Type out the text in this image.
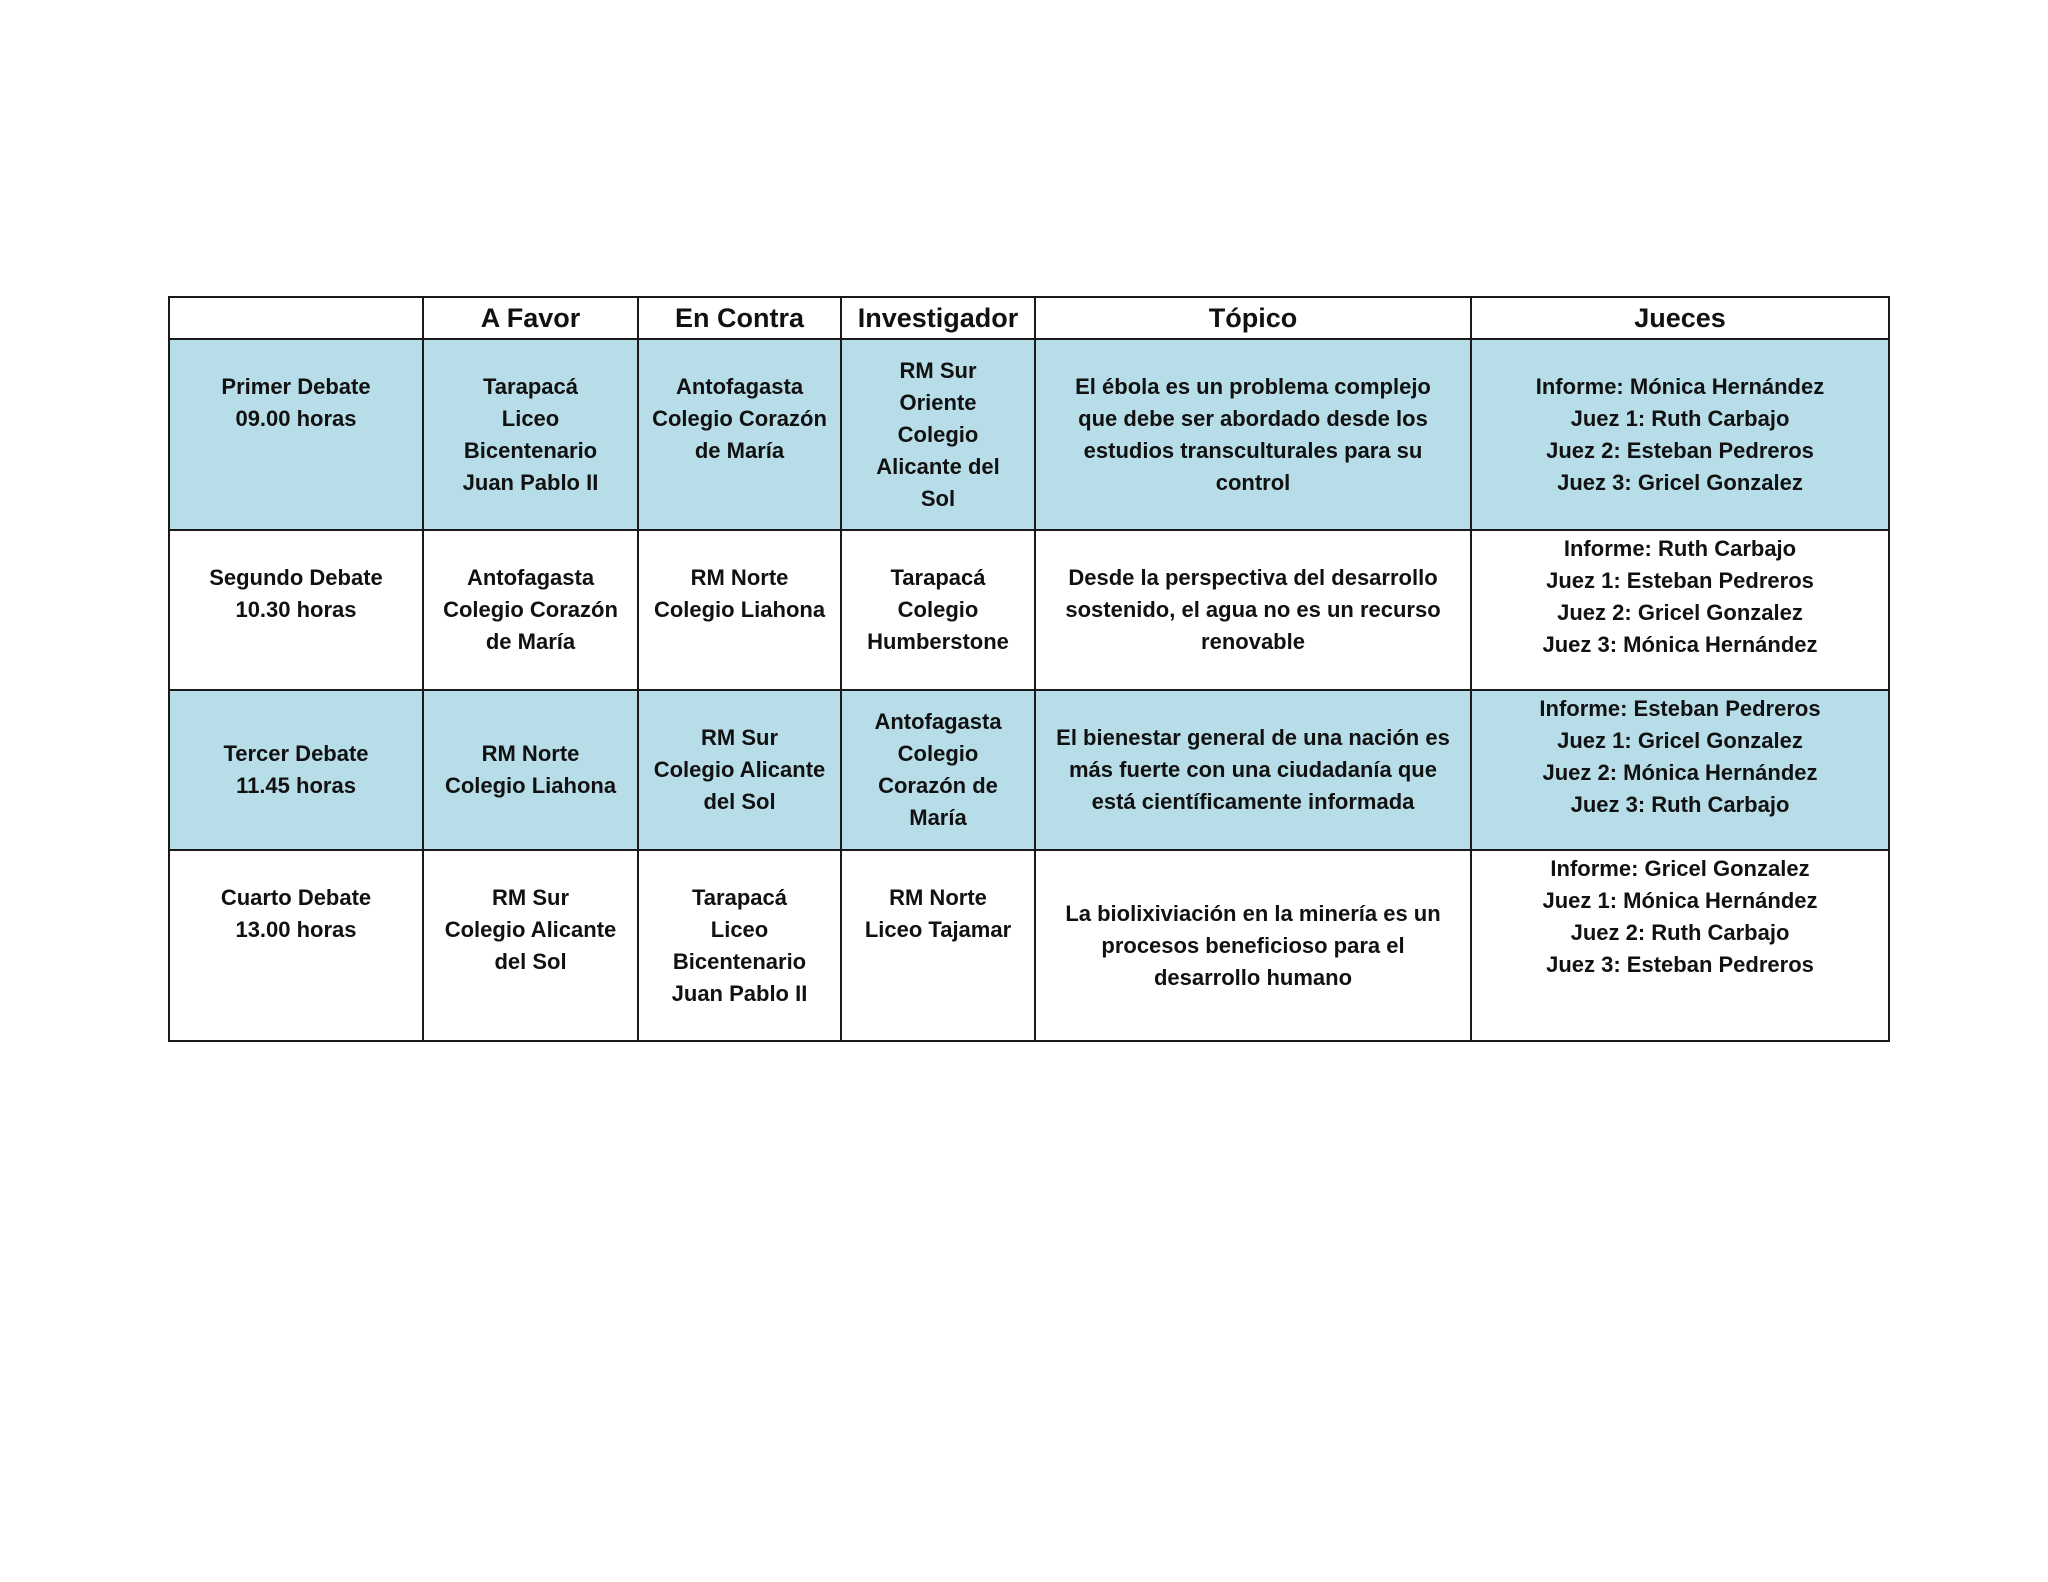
	A Favor	En Contra	Investigador	Tópico	Jueces

Primer Debate
09.00 horas	Tarapacá
Liceo
Bicentenario
Juan Pablo II	Antofagasta
Colegio Corazón
de María	RM Sur
Oriente
Colegio
Alicante del
Sol	El ébola es un problema complejo
que debe ser abordado desde los
estudios transculturales para su
control	Informe: Mónica Hernández
Juez 1: Ruth Carbajo
Juez 2: Esteban Pedreros
Juez 3: Gricel Gonzalez

Segundo Debate
10.30 horas	Antofagasta
Colegio Corazón
de María	RM Norte
Colegio Liahona	Tarapacá
Colegio
Humberstone	Desde la perspectiva del desarrollo
sostenido, el agua no es un recurso
renovable	Informe: Ruth Carbajo
Juez 1: Esteban Pedreros
Juez 2: Gricel Gonzalez
Juez 3: Mónica Hernández

Tercer Debate
11.45 horas	RM Norte
Colegio Liahona	RM Sur
Colegio Alicante
del Sol	Antofagasta
Colegio
Corazón de
María	El bienestar general de una nación es
más fuerte con una ciudadanía que
está científicamente informada	Informe: Esteban Pedreros
Juez 1: Gricel Gonzalez
Juez 2: Mónica Hernández
Juez 3: Ruth Carbajo

Cuarto Debate
13.00 horas	RM Sur
Colegio Alicante
del Sol	Tarapacá
Liceo
Bicentenario
Juan Pablo II	RM Norte
Liceo Tajamar	La biolixiviación en la minería es un
procesos beneficioso para el
desarrollo humano	Informe: Gricel Gonzalez
Juez 1: Mónica Hernández
Juez 2: Ruth Carbajo
Juez 3: Esteban Pedreros
